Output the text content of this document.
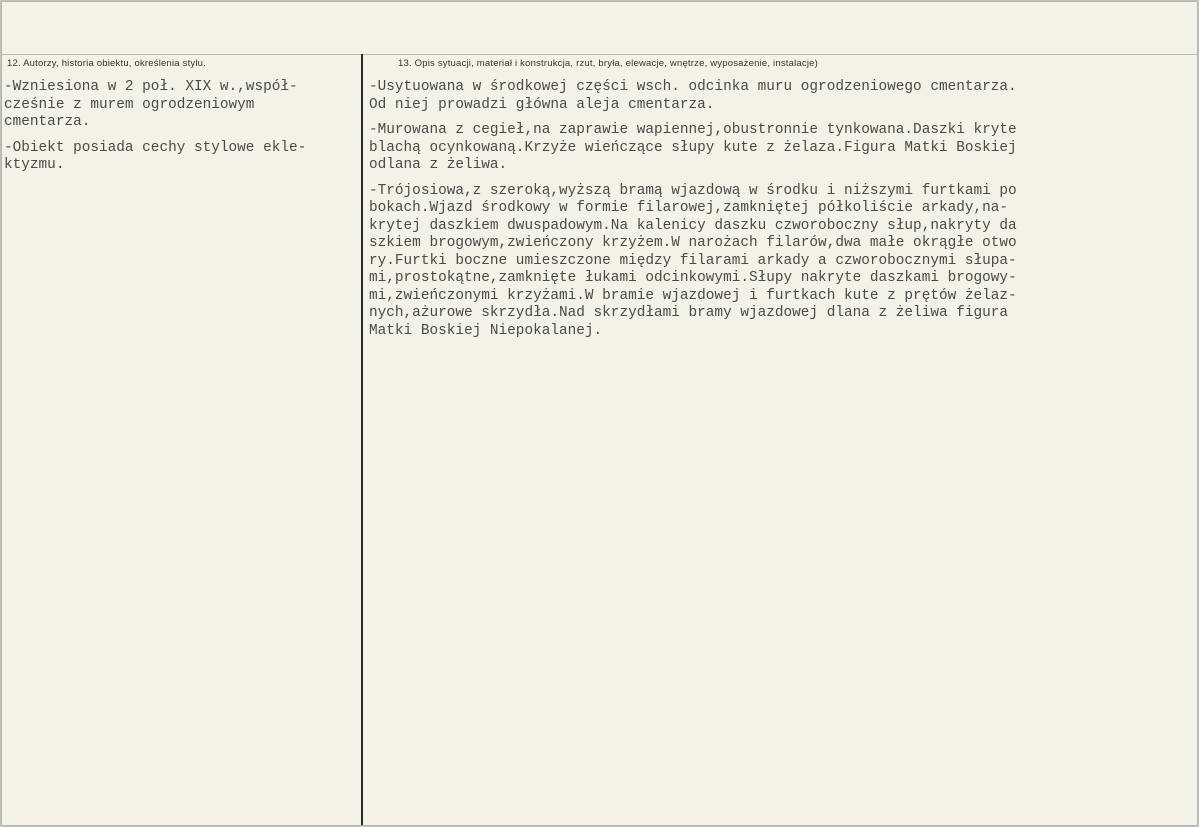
12. Autorzy, historia obiektu, określenia stylu.	13. Opis sytuacji, materiał i konstrukcja, rzut, bryła, elewacje, wnętrze, wyposażenie, instalacje)
-Wzniesiona w 2 poł. XIX w.,współ-
cześnie z murem ogrodzeniowym
cmentarza.
-Obiekt posiada cechy stylowe ekle-
ktyzmu.
-Usytuowana w środkowej części wsch. odcinka muru ogrodzeniowego cmentarza.
Od niej prowadzi główna aleja cmentarza.
-Murowana z cegieł,na zaprawie wapiennej,obustronnie tynkowana.Daszki kryte
blachą ocynkowaną.Krzyże wieńczące słupy kute z żelaza.Figura Matki Boskiej
odlana z żeliwa.
-Trójosiowa,z szeroką,wyższą bramą wjazdową w środku i niższymi furtkami po
bokach.Wjazd środkowy w formie filarowej,zamkniętej półkoliście arkady,na-
krytej daszkiem dwuspadowym.Na kalenicy daszku czworoboczny słup,nakryty da
szkiem brogowym,zwieńczony krzyżem.W narożach filarów,dwa małe okrągłe otwo
ry.Furtki boczne umieszczone między filarami arkady a czworobocznymi słupa-
mi,prostokątne,zamknięte łukami odcinkowymi.Słupy nakryte daszkami brogowy-
mi,zwieńczonymi krzyżami.W bramie wjazdowej i furtkach kute z prętów żelaz-
nych,ażurowe skrzydła.Nad skrzydłami bramy wjazdowej dlana z żeliwa figura
Matki Boskiej Niepokalanej.
